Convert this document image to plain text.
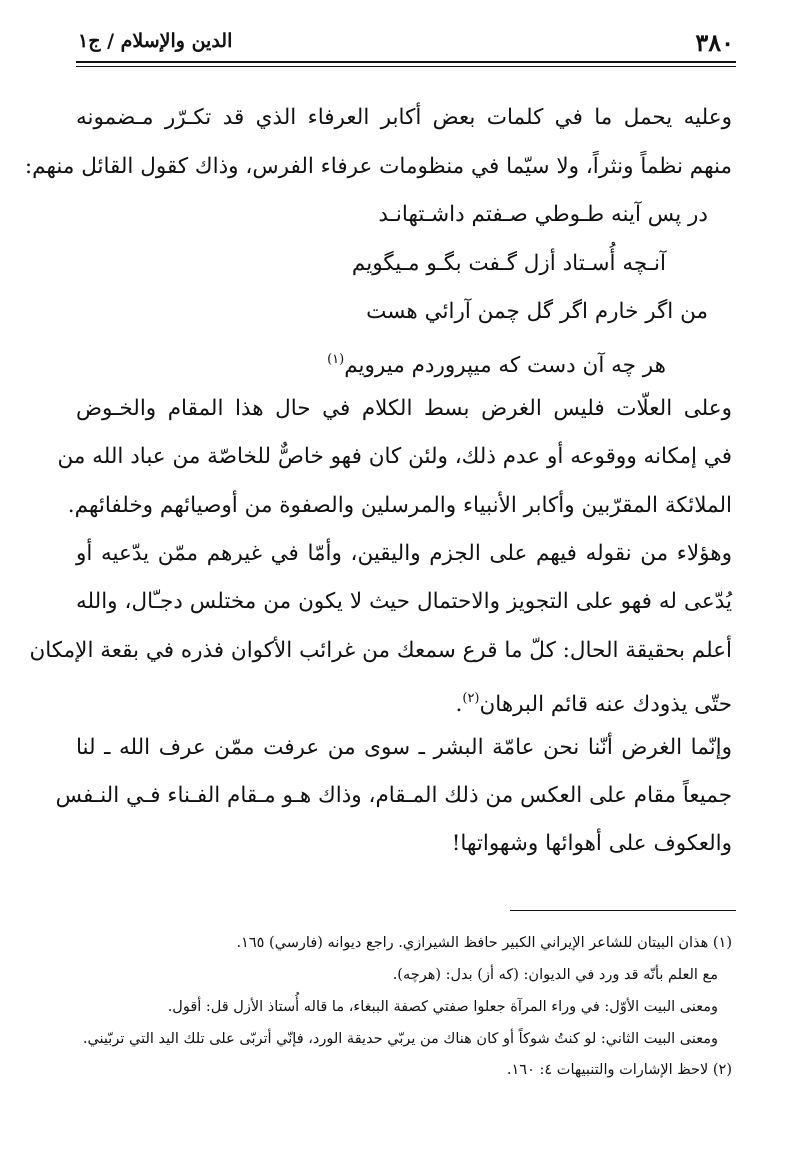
٣٨٠
الدين والإسلام / ج١
وعليه يحمل ما في كلمات بعض أكابر العرفاء الذي قد تكـرّر مـضمونه
منهم نظماً ونثراً، ولا سيّما في منظومات عرفاء الفرس، وذاك كقول القائل منهم:
در پس آينه طـوطي صـفتم داشـتهانـد
آنـچه أُسـتاد أزل گـفت بگـو مـيگويم
من اگر خارم اگر گل چمن آرائي هست
هر چه آن دست كه ميپروردم ميرويم$^{(١)}$
وعلى العلّات فليس الغرض بسط الكلام في حال هذا المقام والخـوض
في إمكانه ووقوعه أو عدم ذلك، ولئن كان فهو خاصٌّ للخاصّة من عباد الله من
الملائكة المقرّبين وأكابر الأنبياء والمرسلين والصفوة من أوصيائهم وخلفائهم.
وهؤلاء من نقوله فيهم على الجزم واليقين، وأمّا في غيرهم ممّن يدّعيه أو
يُدّعى له فهو على التجويز والاحتمال حيث لا يكون من مختلس دجـّال، والله
أعلم بحقيقة الحال: كلّ ما قرع سمعك من غرائب الأكوان فذره في بقعة الإمكان
حتّى يذودك عنه قائم البرهان$^{(٢)}$.
وإنّما الغرض أنّنا نحن عامّة البشر ـ سوى من عرفت ممّن عرف الله ـ لنا
جميعاً مقام على العكس من ذلك المـقام، وذاك هـو مـقام الفـناء فـي النـفس
والعكوف على أهوائها وشهواتها!
(١) هذان البيتان للشاعر الإيراني الكبير حافظ الشيرازي. راجع ديوانه (فارسي) ١٦٥.
مع العلم بأنّه قد ورد في الديوان: (كه أز) بدل: (هرچه).
ومعنى البيت الأوّل: في وراء المرآة جعلوا صفتي كصفة الببغاء، ما قاله أُستاذ الأزل قل: أقول.
ومعنى البيت الثاني: لو كنتُ شوكاً أو كان هناك من يربّي حديقة الورد، فإنّي أتربّى على تلك اليد التي تربّيني.
(٢) لاحظ الإشارات والتنبيهات ٤: ١٦٠.
